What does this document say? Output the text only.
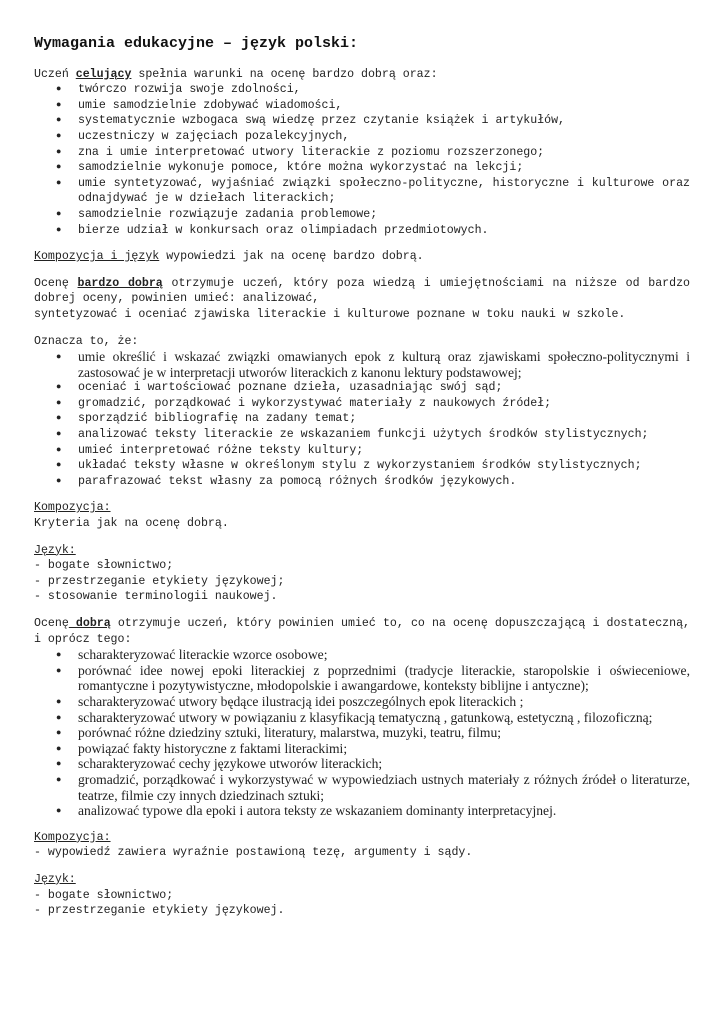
Wymagania edukacyjne – język polski:

Uczeń celujący spełnia warunki na ocenę bardzo dobrą oraz:

● twórczo rozwija swoje zdolności,
● umie samodzielnie zdobywać wiadomości,
● systematycznie wzbogaca swą wiedzę przez czytanie książek i artykułów,
● uczestniczy w zajęciach pozalekcyjnych,
● zna i umie interpretować utwory literackie z poziomu rozszerzonego;
● samodzielnie wykonuje pomoce, które można wykorzystać na lekcji;
● umie syntetyzować, wyjaśniać związki społeczno-polityczne, historyczne i kulturowe oraz odnajdywać je w dziełach literackich;
● samodzielnie rozwiązuje zadania problemowe;
● bierze udział w konkursach oraz olimpiadach przedmiotowych.

Kompozycja i język wypowiedzi jak na ocenę bardzo dobrą.

Ocenę bardzo dobrą otrzymuje uczeń, który poza wiedzą i umiejętnościami na niższe od bardzo dobrej oceny, powinien umieć: analizować,

syntetyzować i oceniać zjawiska literackie i kulturowe poznane w toku nauki w szkole.

Oznacza to, że:

● umie określić i wskazać związki omawianych epok z kulturą oraz zjawiskami społeczno-politycznymi i zastosować je w interpretacji utworów literackich z kanonu lektury podstawowej;
● oceniać i wartościować poznane dzieła, uzasadniając swój sąd;
● gromadzić, porządkować i wykorzystywać materiały z naukowych źródeł;
● sporządzić bibliografię na zadany temat;
● analizować teksty literackie ze wskazaniem funkcji użytych środków stylistycznych;
● umieć interpretować różne teksty kultury;
● układać teksty własne w określonym stylu z wykorzystaniem środków stylistycznych;
● parafrazować tekst własny za pomocą różnych środków językowych.

Kompozycja:

Kryteria jak na ocenę dobrą.

Język:

- bogate słownictwo;

- przestrzeganie etykiety językowej;

- stosowanie terminologii naukowej.

Ocenę dobrą otrzymuje uczeń, który powinien umieć to, co na ocenę dopuszczającą i dostateczną, i oprócz tego:

● scharakteryzować literackie wzorce osobowe;
● porównać idee nowej epoki literackiej z poprzednimi (tradycje literackie, staropolskie i oświeceniowe, romantyczne i pozytywistyczne, młodopolskie i awangardowe, konteksty biblijne i antyczne);
● scharakteryzować utwory będące ilustracją idei poszczególnych epok literackich ;
● scharakteryzować utwory w powiązaniu z klasyfikacją tematyczną , gatunkową, estetyczną , filozoficzną;
● porównać różne dziedziny sztuki, literatury, malarstwa, muzyki, teatru, filmu;
● powiązać fakty historyczne z faktami literackimi;
● scharakteryzować cechy językowe utworów literackich;
● gromadzić, porządkować i wykorzystywać w wypowiedziach ustnych materiały z różnych źródeł o literaturze, teatrze, filmie czy innych dziedzinach sztuki;
● analizować typowe dla epoki i autora teksty ze wskazaniem dominanty interpretacyjnej.

Kompozycja:

- wypowiedź zawiera wyraźnie postawioną tezę, argumenty i sądy.

Język:

- bogate słownictwo;

- przestrzeganie etykiety językowej.
